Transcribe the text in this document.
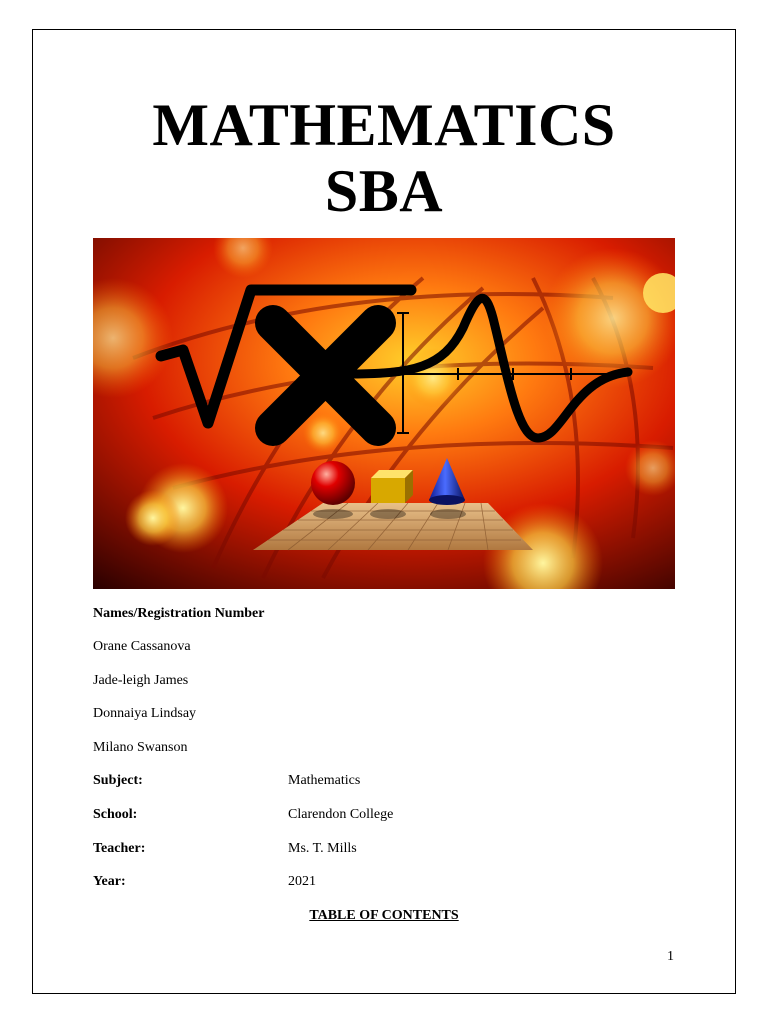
MATHEMATICS
SBA
Names/Registration Number
Orane Cassanova
Jade-leigh James
Donnaiya Lindsay
Milano Swanson
Subject:	Mathematics
School:	Clarendon College
Teacher:	Ms. T. Mills
Year:	2021
TABLE OF CONTENTS
1
